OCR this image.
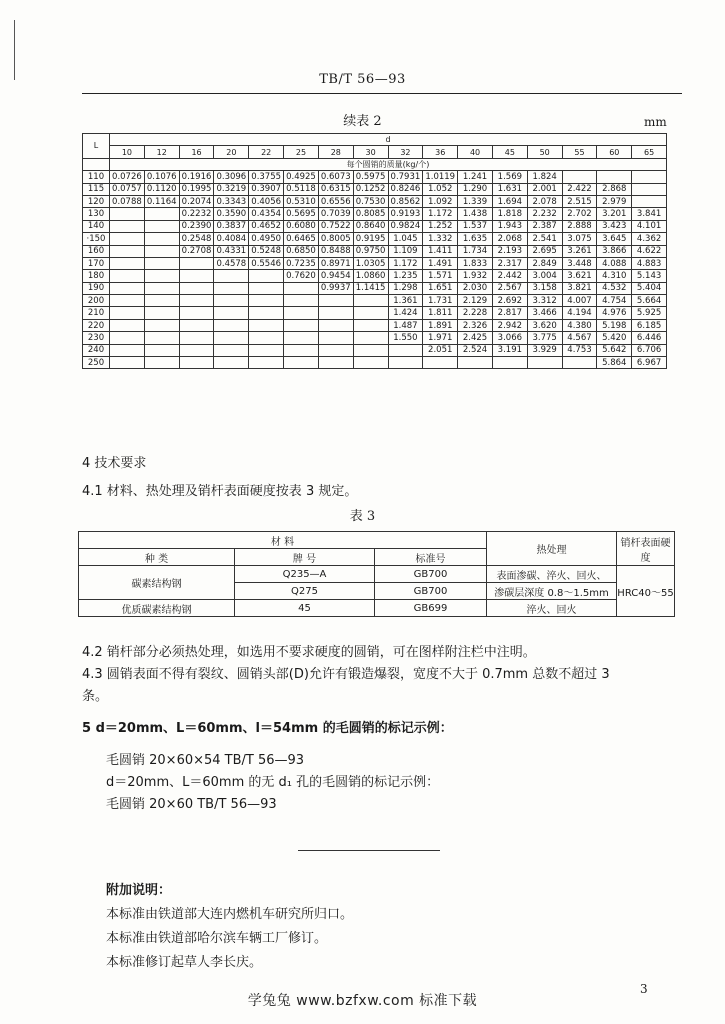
TB/T 56—93
续表 2	mm
L	d															
	10	12	16	20	22	25	28	30	32	36	40	45	50	55	60	65
	每个圆销的质量(kg/个)															
110	0.0726	0.1076	0.1916	0.3096	0.3755	0.4925	0.6073	0.5975	0.7931	1.0119	1.241	1.569	1.824			
115	0.0757	0.1120	0.1995	0.3219	0.3907	0.5118	0.6315	0.1252	0.8246	1.052	1.290	1.631	2.001	2.422	2.868	
120	0.0788	0.1164	0.2074	0.3343	0.4056	0.5310	0.6556	0.7530	0.8562	1.092	1.339	1.694	2.078	2.515	2.979	
130			0.2232	0.3590	0.4354	0.5695	0.7039	0.8085	0.9193	1.172	1.438	1.818	2.232	2.702	3.201	3.841
140			0.2390	0.3837	0.4652	0.6080	0.7522	0.8640	0.9824	1.252	1.537	1.943	2.387	2.888	3.423	4.101
·150			0.2548	0.4084	0.4950	0.6465	0.8005	0.9195	1.045	1.332	1.635	2.068	2.541	3.075	3.645	4.362
160			0.2708	0.4331	0.5248	0.6850	0.8488	0.9750	1.109	1.411	1.734	2.193	2.695	3.261	3.866	4.622
170				0.4578	0.5546	0.7235	0.8971	1.0305	1.172	1.491	1.833	2.317	2.849	3.448	4.088	4.883
180						0.7620	0.9454	1.0860	1.235	1.571	1.932	2.442	3.004	3.621	4.310	5.143
190							0.9937	1.1415	1.298	1.651	2.030	2.567	3.158	3.821	4.532	5.404
200									1.361	1.731	2.129	2.692	3.312	4.007	4.754	5.664
210									1.424	1.811	2.228	2.817	3.466	4.194	4.976	5.925
220									1.487	1.891	2.326	2.942	3.620	4.380	5.198	6.185
230									1.550	1.971	2.425	3.066	3.775	4.567	5.420	6.446
240										2.051	2.524	3.191	3.929	4.753	5.642	6.706
250															5.864	6.967
4 技术要求
4.1 材料、热处理及销杆表面硬度按表 3 规定。
表 3
材 料			热处理	销杆表面硬度
种 类	牌 号	标准号		
碳素结构钢	Q235—A	GB700	表面渗碳、淬火、回火、	HRC40～55
	Q275	GB700	渗碳层深度 0.8～1.5mm	
优质碳素结构钢	45	GB699	淬火、回火	
4.2 销杆部分必须热处理，如选用不要求硬度的圆销，可在图样附注栏中注明。
4.3 圆销表面不得有裂纹、圆销头部(D)允许有锻造爆裂，宽度不大于 0.7mm 总数不超过 3
条。
5 d＝20mm、L＝60mm、l＝54mm 的毛圆销的标记示例：
毛圆销 20×60×54 TB/T 56—93
d＝20mm、L＝60mm 的无 d₁ 孔的毛圆销的标记示例：
毛圆销 20×60 TB/T 56—93
附加说明：
本标准由铁道部大连内燃机车研究所归口。
本标准由铁道部哈尔滨车辆工厂修订。
本标准修订起草人李长庆。
3
学兔兔 www.bzfxw.com 标准下载
